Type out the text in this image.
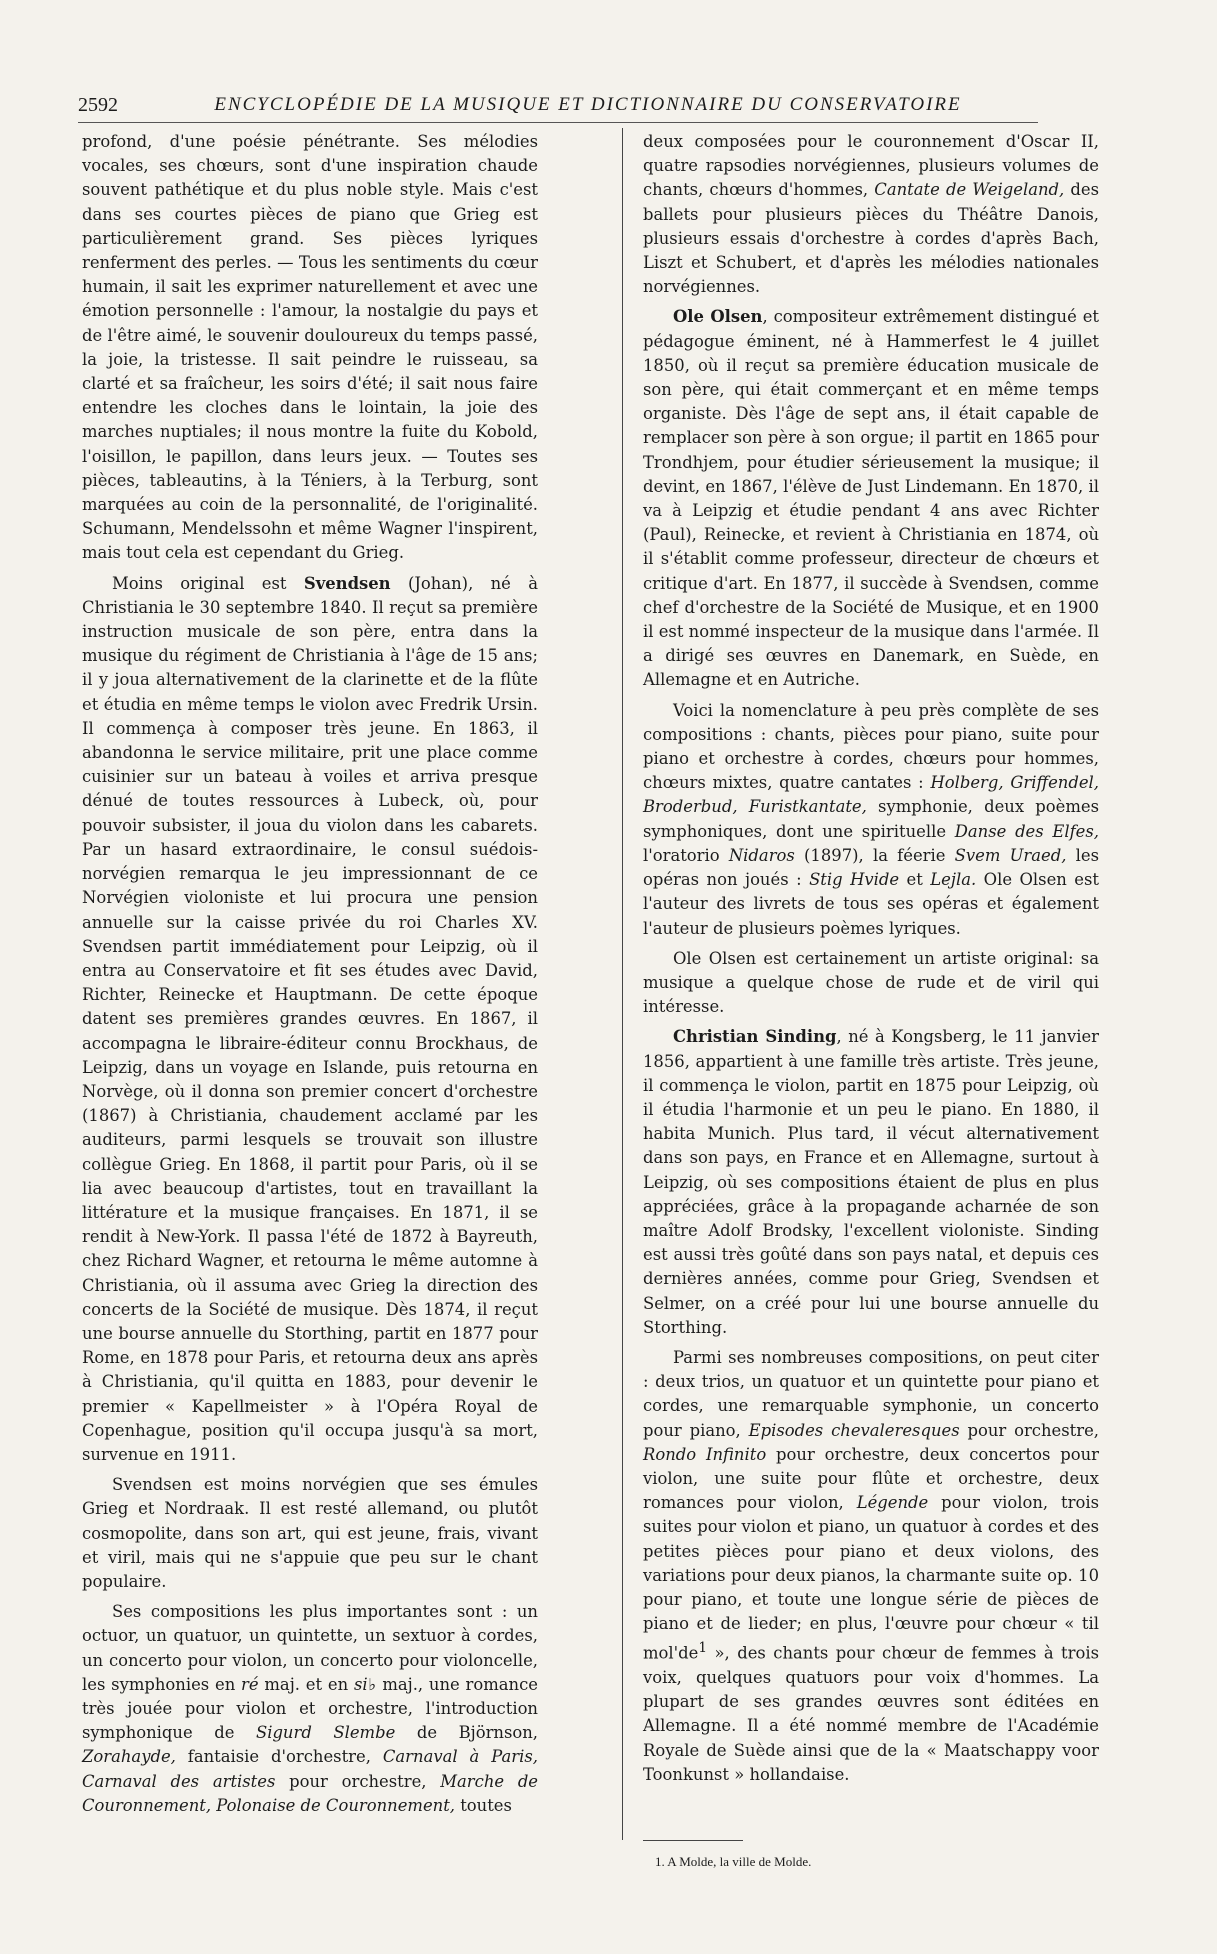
2592	ENCYCLOPÉDIE DE LA MUSIQUE ET DICTIONNAIRE DU CONSERVATOIRE

profond, d'une poésie pénétrante. Ses mélodies vocales, ses chœurs, sont d'une inspiration chaude souvent pathétique et du plus noble style. Mais c'est dans ses courtes pièces de piano que Grieg est particulièrement grand. Ses pièces lyriques renferment des perles. — Tous les sentiments du cœur humain, il sait les exprimer naturellement et avec une émotion personnelle : l'amour, la nostalgie du pays et de l'être aimé, le souvenir douloureux du temps passé, la joie, la tristesse. Il sait peindre le ruisseau, sa clarté et sa fraîcheur, les soirs d'été; il sait nous faire entendre les cloches dans le lointain, la joie des marches nuptiales; il nous montre la fuite du Kobold, l'oisillon, le papillon, dans leurs jeux. — Toutes ses pièces, tableautins, à la Téniers, à la Terburg, sont marquées au coin de la personnalité, de l'originalité. Schumann, Mendelssohn et même Wagner l'inspirent, mais tout cela est cependant du Grieg.

Moins original est Svendsen (Johan), né à Christiania le 30 septembre 1840. Il reçut sa première instruction musicale de son père, entra dans la musique du régiment de Christiania à l'âge de 15 ans; il y joua alternativement de la clarinette et de la flûte et étudia en même temps le violon avec Fredrik Ursin. Il commença à composer très jeune. En 1863, il abandonna le service militaire, prit une place comme cuisinier sur un bateau à voiles et arriva presque dénué de toutes ressources à Lubeck, où, pour pouvoir subsister, il joua du violon dans les cabarets. Par un hasard extraordinaire, le consul suédois-norvégien remarqua le jeu impressionnant de ce Norvégien violoniste et lui procura une pension annuelle sur la caisse privée du roi Charles XV. Svendsen partit immédiatement pour Leipzig, où il entra au Conservatoire et fit ses études avec David, Richter, Reinecke et Hauptmann. De cette époque datent ses premières grandes œuvres. En 1867, il accompagna le libraire-éditeur connu Brockhaus, de Leipzig, dans un voyage en Islande, puis retourna en Norvège, où il donna son premier concert d'orchestre (1867) à Christiania, chaudement acclamé par les auditeurs, parmi lesquels se trouvait son illustre collègue Grieg. En 1868, il partit pour Paris, où il se lia avec beaucoup d'artistes, tout en travaillant la littérature et la musique françaises. En 1871, il se rendit à New-York. Il passa l'été de 1872 à Bayreuth, chez Richard Wagner, et retourna le même automne à Christiania, où il assuma avec Grieg la direction des concerts de la Société de musique. Dès 1874, il reçut une bourse annuelle du Storthing, partit en 1877 pour Rome, en 1878 pour Paris, et retourna deux ans après à Christiania, qu'il quitta en 1883, pour devenir le premier « Kapellmeister » à l'Opéra Royal de Copenhague, position qu'il occupa jusqu'à sa mort, survenue en 1911.

Svendsen est moins norvégien que ses émules Grieg et Nordraak. Il est resté allemand, ou plutôt cosmopolite, dans son art, qui est jeune, frais, vivant et viril, mais qui ne s'appuie que peu sur le chant populaire.

Ses compositions les plus importantes sont : un octuor, un quatuor, un quintette, un sextuor à cordes, un concerto pour violon, un concerto pour violoncelle, les symphonies en ré maj. et en si♭ maj., une romance très jouée pour violon et orchestre, l'introduction symphonique de Sigurd Slembe de Björnson, Zorahayde, fantaisie d'orchestre, Carnaval à Paris, Carnaval des artistes pour orchestre, Marche de Couronnement, Polonaise de Couronnement, toutes

deux composées pour le couronnement d'Oscar II, quatre rapsodies norvégiennes, plusieurs volumes de chants, chœurs d'hommes, Cantate de Weigeland, des ballets pour plusieurs pièces du Théâtre Danois, plusieurs essais d'orchestre à cordes d'après Bach, Liszt et Schubert, et d'après les mélodies nationales norvégiennes.

Ole Olsen, compositeur extrêmement distingué et pédagogue éminent, né à Hammerfest le 4 juillet 1850, où il reçut sa première éducation musicale de son père, qui était commerçant et en même temps organiste. Dès l'âge de sept ans, il était capable de remplacer son père à son orgue; il partit en 1865 pour Trondhjem, pour étudier sérieusement la musique; il devint, en 1867, l'élève de Just Lindemann. En 1870, il va à Leipzig et étudie pendant 4 ans avec Richter (Paul), Reinecke, et revient à Christiania en 1874, où il s'établit comme professeur, directeur de chœurs et critique d'art. En 1877, il succède à Svendsen, comme chef d'orchestre de la Société de Musique, et en 1900 il est nommé inspecteur de la musique dans l'armée. Il a dirigé ses œuvres en Danemark, en Suède, en Allemagne et en Autriche.

Voici la nomenclature à peu près complète de ses compositions : chants, pièces pour piano, suite pour piano et orchestre à cordes, chœurs pour hommes, chœurs mixtes, quatre cantates : Holberg, Griffendel, Broderbud, Furistkantate, symphonie, deux poèmes symphoniques, dont une spirituelle Danse des Elfes, l'oratorio Nidaros (1897), la féerie Svem Uraed, les opéras non joués : Stig Hvide et Lejla. Ole Olsen est l'auteur des livrets de tous ses opéras et également l'auteur de plusieurs poèmes lyriques.

Ole Olsen est certainement un artiste original: sa musique a quelque chose de rude et de viril qui intéresse.

Christian Sinding, né à Kongsberg, le 11 janvier 1856, appartient à une famille très artiste. Très jeune, il commença le violon, partit en 1875 pour Leipzig, où il étudia l'harmonie et un peu le piano. En 1880, il habita Munich. Plus tard, il vécut alternativement dans son pays, en France et en Allemagne, surtout à Leipzig, où ses compositions étaient de plus en plus appréciées, grâce à la propagande acharnée de son maître Adolf Brodsky, l'excellent violoniste. Sinding est aussi très goûté dans son pays natal, et depuis ces dernières années, comme pour Grieg, Svendsen et Selmer, on a créé pour lui une bourse annuelle du Storthing.

Parmi ses nombreuses compositions, on peut citer : deux trios, un quatuor et un quintette pour piano et cordes, une remarquable symphonie, un concerto pour piano, Episodes chevaleresques pour orchestre, Rondo Infinito pour orchestre, deux concertos pour violon, une suite pour flûte et orchestre, deux romances pour violon, Légende pour violon, trois suites pour violon et piano, un quatuor à cordes et des petites pièces pour piano et deux violons, des variations pour deux pianos, la charmante suite op. 10 pour piano, et toute une longue série de pièces de piano et de lieder; en plus, l'œuvre pour chœur « til $mol'de^1$ », des chants pour chœur de femmes à trois voix, quelques quatuors pour voix d'hommes. La plupart de ses grandes œuvres sont éditées en Allemagne. Il a été nommé membre de l'Académie Royale de Suède ainsi que de la « Maatschappy voor Toonkunst » hollandaise.

1. A Molde, la ville de Molde.
